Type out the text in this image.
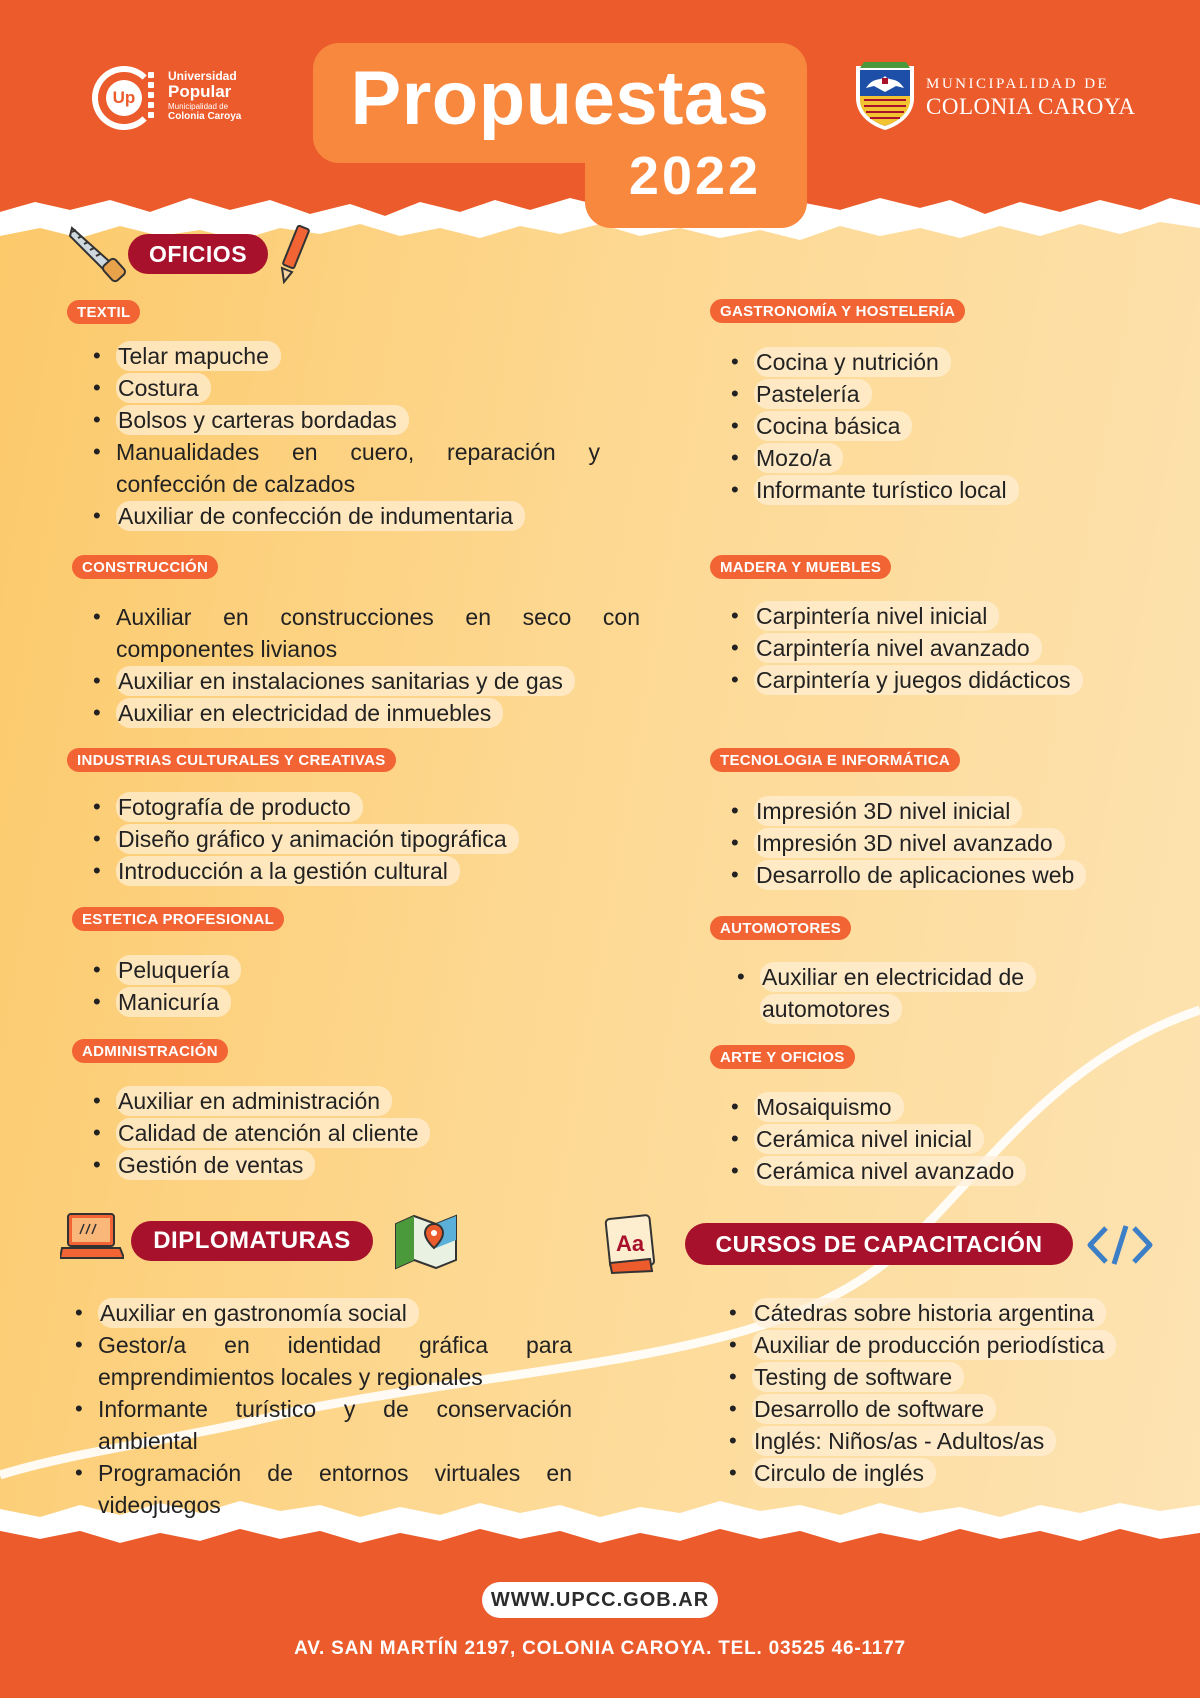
Up
Universidad
Popular
Municipalidad de
Colonia Caroya
MUNICIPALIDAD DE
COLONIA CAROYA
Propuestas
2022
OFICIOS
TEXTIL
CONSTRUCCIÓN
INDUSTRIAS CULTURALES Y CREATIVAS
ESTETICA PROFESIONAL
ADMINISTRACIÓN
GASTRONOMÍA Y HOSTELERÍA
MADERA Y MUEBLES
TECNOLOGIA E INFORMÁTICA
AUTOMOTORES
ARTE Y OFICIOS
• Telar mapuche
• Costura
• Bolsos y carteras bordadas
• Manualidades en cuero, reparación y confección de calzados
• Auxiliar de confección de indumentaria
• Auxiliar en construcciones en seco con componentes livianos
• Auxiliar en instalaciones sanitarias y de gas
• Auxiliar en electricidad de inmuebles
• Fotografía de producto
• Diseño gráfico y animación tipográfica
• Introducción a la gestión cultural
• Peluquería
• Manicuría
• Auxiliar en administración
• Calidad de atención al cliente
• Gestión de ventas
• Cocina y nutrición
• Pastelería
• Cocina básica
• Mozo/a
• Informante turístico local
• Carpintería nivel inicial
• Carpintería nivel avanzado
• Carpintería y juegos didácticos
• Impresión 3D nivel inicial
• Impresión 3D nivel avanzado
• Desarrollo de aplicaciones web
• Auxiliar en electricidad de automotores
• Mosaiquismo
• Cerámica nivel inicial
• Cerámica nivel avanzado
DIPLOMATURAS
• Auxiliar en gastronomía social
• Gestor/a en identidad gráfica para emprendimientos locales y regionales
• Informante turístico y de conservación ambiental
• Programación de entornos virtuales en videojuegos
Aa	CURSOS DE CAPACITACIÓN
• Cátedras sobre historia argentina
• Auxiliar de producción periodística
• Testing de software
• Desarrollo de software
• Inglés: Niños/as - Adultos/as
• Circulo de inglés
WWW.UPCC.GOB.AR
AV. SAN MARTÍN 2197, COLONIA CAROYA. TEL. 03525 46-1177
